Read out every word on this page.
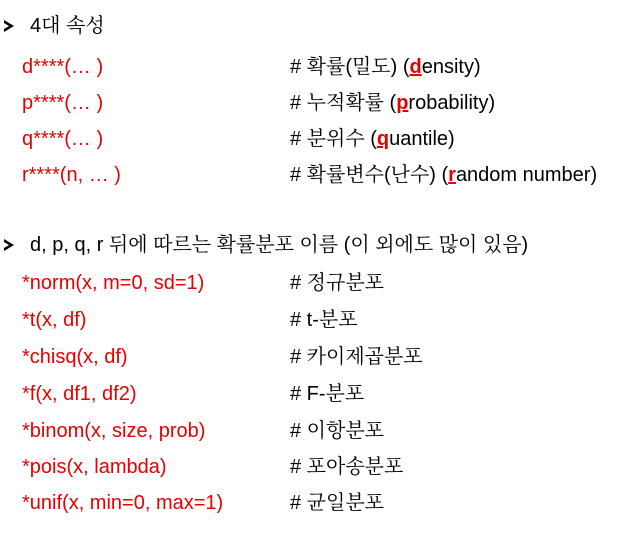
4대 속성
d****(… )	# 확률(밀도) (density)
p****(… )	# 누적확률 (probability)
q****(… )	# 분위수 (quantile)
r****(n, … )	# 확률변수(난수) (random number)
d, p, q, r 뒤에 따르는 확률분포 이름 (이 외에도 많이 있음)
*norm(x, m=0, sd=1)	# 정규분포
*t(x, df)	# t-분포
*chisq(x, df)	# 카이제곱분포
*f(x, df1, df2)	# F-분포
*binom(x, size, prob)	# 이항분포
*pois(x, lambda)	# 포아송분포
*unif(x, min=0, max=1)	# 균일분포
